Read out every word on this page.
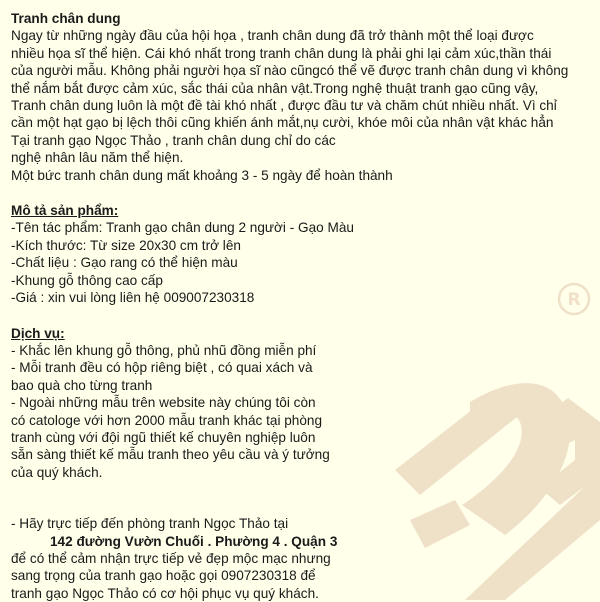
R

Tranh chân dung

Ngay từ những ngày đầu của hội họa , tranh chân dung đã trở thành một thể loại được

nhiều họa sĩ thể hiện. Cái khó nhất trong tranh chân dung là phải ghi lại cảm xúc,thần thái

của người mẫu. Không phải người họa sĩ nào cũngcó thể vẽ được tranh chân dung vì không

thể nắm bắt được cảm xúc, sắc thái của nhân vật.Trong nghệ thuật tranh gạo cũng vậy,

Tranh chân dung luôn là một đề tài khó nhất , được đầu tư và chăm chút nhiều nhất. Vì chỉ

cần một hạt gạo bị lệch thôi cũng khiến ánh mắt,nụ cười, khóe môi của nhân vật khác hẳn

Tại tranh gạo Ngọc Thảo , tranh chân dung chỉ do các

nghệ nhân lâu năm thể hiện.

Một bức tranh chân dung mất khoảng 3 - 5 ngày để hoàn thành

Mô tả sản phẩm:

-Tên tác phẩm: Tranh gạo chân dung 2 người - Gạo Màu

-Kích thước: Từ size 20x30 cm trở lên

-Chất liệu : Gạo rang có thể hiện màu

-Khung gỗ thông cao cấp

-Giá : xin vui lòng liên hệ 009007230318

Dịch vụ:

- Khắc lên khung gỗ thông, phủ nhũ đồng miễn phí

- Mỗi tranh đều có hộp riêng biệt , có quai xách và

bao quà cho từng tranh

- Ngoài những mẫu trên website này chúng tôi còn

có catologe với hơn 2000 mẫu tranh khác tại phòng

tranh cùng với đội ngũ thiết kế chuyên nghiệp luôn

sẵn sàng thiết kế mẫu tranh theo yêu cầu và ý tưởng

của quý khách.

- Hãy trực tiếp đến phòng tranh Ngọc Thảo tại

142 đường Vườn Chuối . Phường 4 . Quận 3

để có thể cảm nhận trực tiếp vẻ đẹp mộc mạc nhưng

sang trọng của tranh gạo hoặc gọi 0907230318 để

tranh gạo Ngọc Thảo có cơ hội phục vụ quý khách.
